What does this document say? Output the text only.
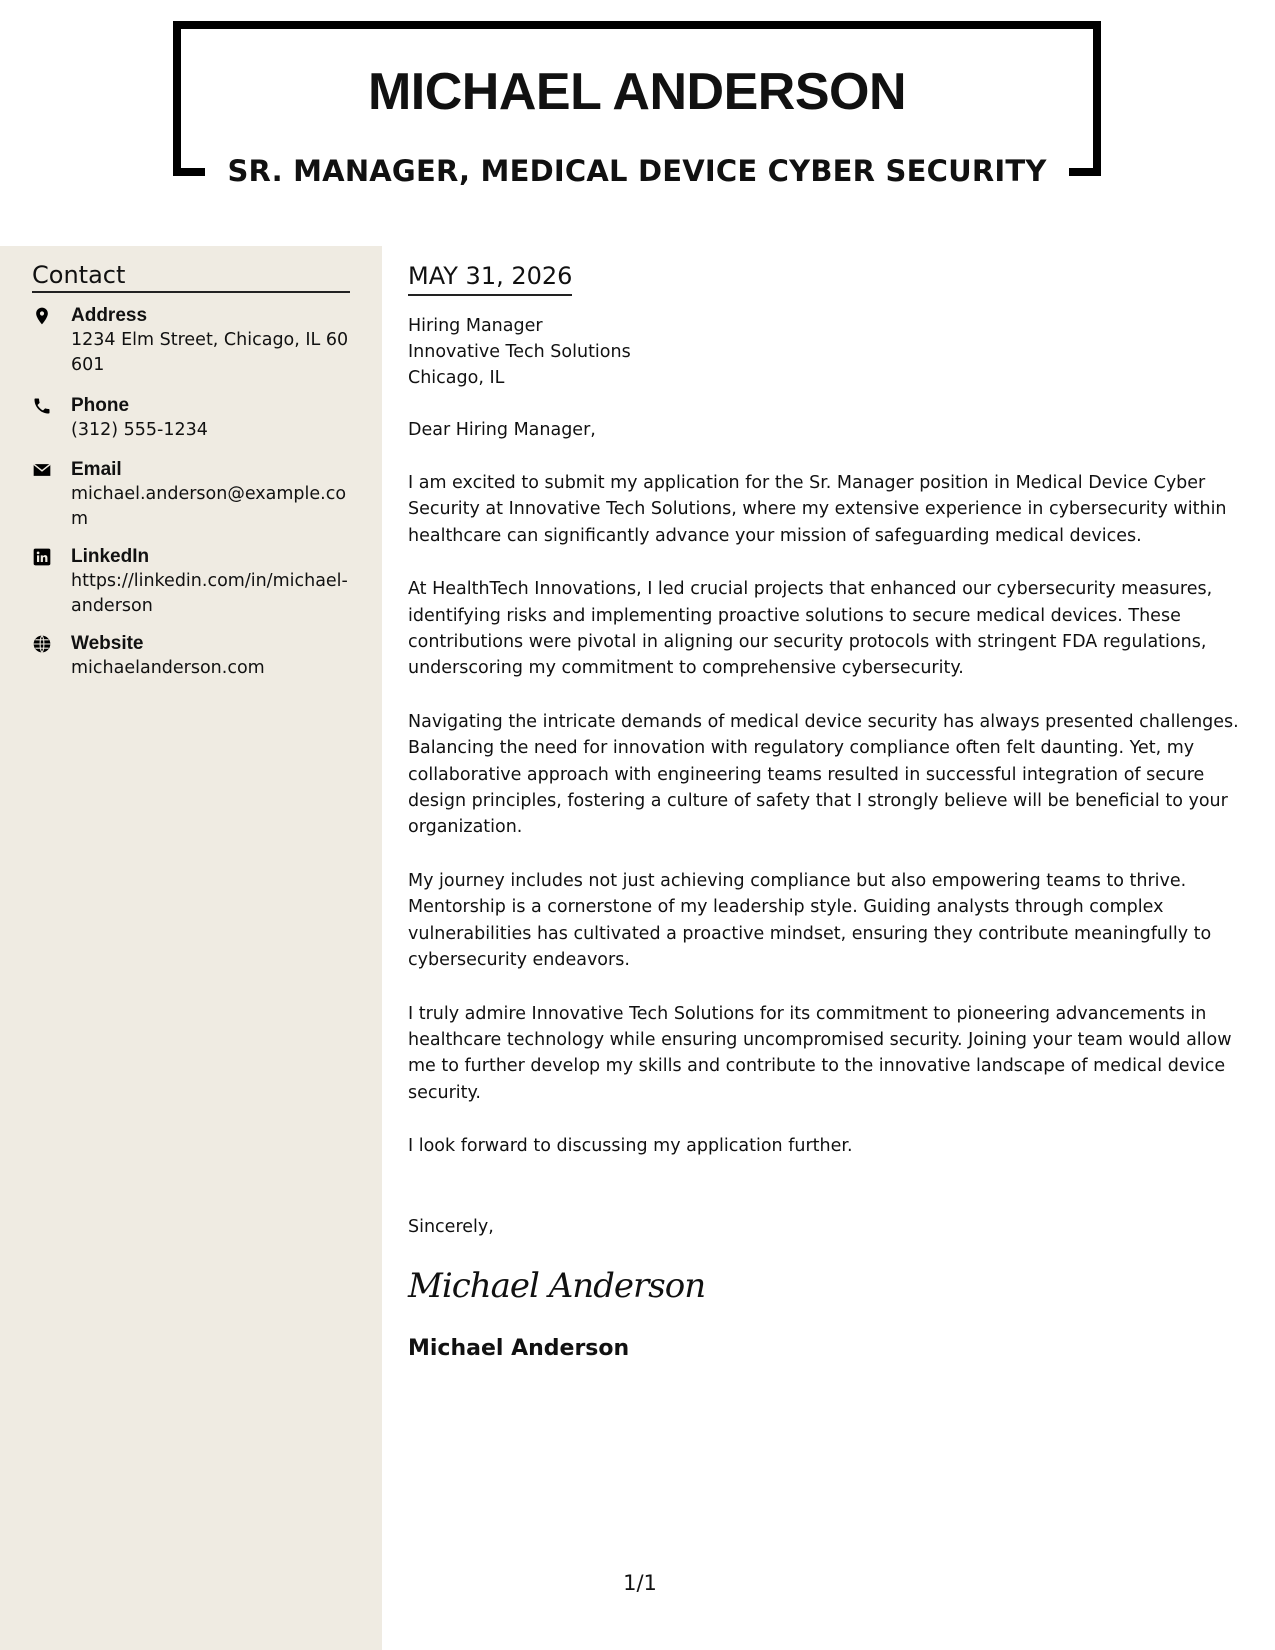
MICHAEL ANDERSON
SR. MANAGER, MEDICAL DEVICE CYBER SECURITY
Contact
Address
1234 Elm Street, Chicago, IL 60601
Phone
(312) 555-1234
Email
michael.anderson@example.com
LinkedIn
https://linkedin.com/in/michael-anderson
Website
michaelanderson.com
MAY 31, 2026
Hiring Manager
Innovative Tech Solutions
Chicago, IL
Dear Hiring Manager,
I am excited to submit my application for the Sr. Manager position in Medical Device Cyber Security at Innovative Tech Solutions, where my extensive experience in cybersecurity within healthcare can significantly advance your mission of safeguarding medical devices.
At HealthTech Innovations, I led crucial projects that enhanced our cybersecurity measures, identifying risks and implementing proactive solutions to secure medical devices. These contributions were pivotal in aligning our security protocols with stringent FDA regulations, underscoring my commitment to comprehensive cybersecurity.
Navigating the intricate demands of medical device security has always presented challenges. Balancing the need for innovation with regulatory compliance often felt daunting. Yet, my collaborative approach with engineering teams resulted in successful integration of secure design principles, fostering a culture of safety that I strongly believe will be beneficial to your organization.
My journey includes not just achieving compliance but also empowering teams to thrive. Mentorship is a cornerstone of my leadership style. Guiding analysts through complex vulnerabilities has cultivated a proactive mindset, ensuring they contribute meaningfully to cybersecurity endeavors.
I truly admire Innovative Tech Solutions for its commitment to pioneering advancements in healthcare technology while ensuring uncompromised security. Joining your team would allow me to further develop my skills and contribute to the innovative landscape of medical device security.
I look forward to discussing my application further.
Sincerely,
Michael Anderson
Michael Anderson
1/1
